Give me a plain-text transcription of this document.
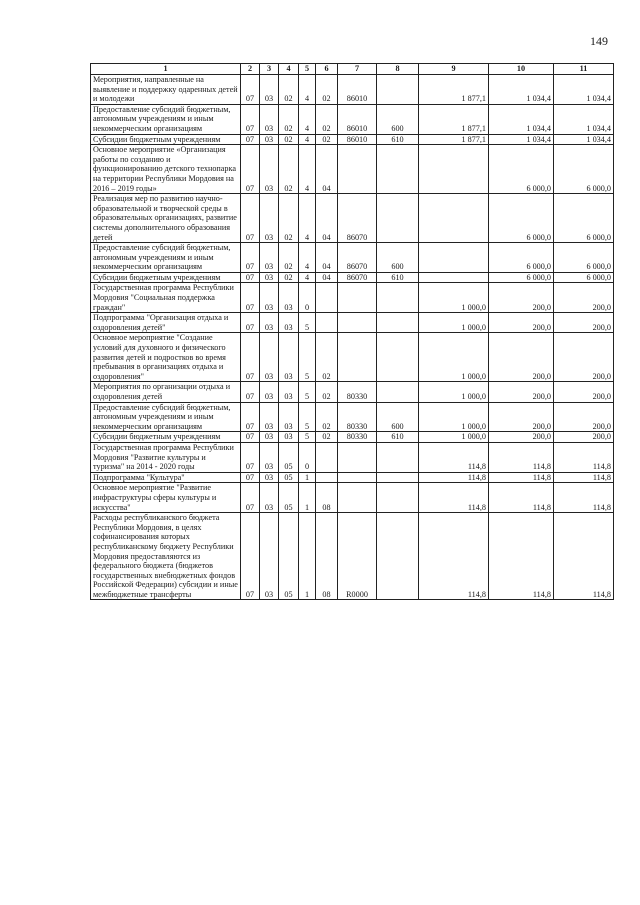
149
1	2	3	4	5	6	7	8	9	10	11
Мероприятия, направленные на выявление и поддержку одаренных детей и молодежи	07	03	02	4	02	86010		1 877,1	1 034,4	1 034,4
Предоставление субсидий бюджетным, автономным учреждениям и иным некоммерческим организациям	07	03	02	4	02	86010	600	1 877,1	1 034,4	1 034,4
Субсидии бюджетным учреждениям	07	03	02	4	02	86010	610	1 877,1	1 034,4	1 034,4
Основное мероприятие «Организация работы по созданию и функционированию детского технопарка на территории Республики Мордовия на 2016 – 2019 годы»	07	03	02	4	04				6 000,0	6 000,0
Реализация мер по развитию научно-образовательной и творческой среды в образовательных организациях, развитие системы дополнительного образования детей	07	03	02	4	04	86070			6 000,0	6 000,0
Предоставление субсидий бюджетным, автономным учреждениям и иным некоммерческим организациям	07	03	02	4	04	86070	600		6 000,0	6 000,0
Субсидии бюджетным учреждениям	07	03	02	4	04	86070	610		6 000,0	6 000,0
Государственная программа Республики Мордовия "Социальная поддержка граждан"	07	03	03	0				1 000,0	200,0	200,0
Подпрограмма "Организация отдыха и оздоровления детей"	07	03	03	5				1 000,0	200,0	200,0
Основное мероприятие "Создание условий для духовного и физического развития детей и подростков во время пребывания в организациях отдыха и оздоровления"	07	03	03	5	02			1 000,0	200,0	200,0
Мероприятия по организации отдыха и оздоровления детей	07	03	03	5	02	80330		1 000,0	200,0	200,0
Предоставление субсидий бюджетным, автономным учреждениям и иным некоммерческим организациям	07	03	03	5	02	80330	600	1 000,0	200,0	200,0
Субсидии бюджетным учреждениям	07	03	03	5	02	80330	610	1 000,0	200,0	200,0
Государственная программа Республики Мордовия "Развитие культуры и туризма" на 2014 - 2020 годы	07	03	05	0				114,8	114,8	114,8
Подпрограмма "Культура"	07	03	05	1				114,8	114,8	114,8
Основное мероприятие "Развитие инфраструктуры сферы культуры и искусства"	07	03	05	1	08			114,8	114,8	114,8
Расходы республиканского бюджета Республики Мордовия, в целях софинансирования которых республиканскому бюджету Республики Мордовия предоставляются из федерального бюджета (бюджетов государственных внебюджетных фондов Российской Федерации) субсидии и иные межбюджетные трансферты	07	03	05	1	08	R0000		114,8	114,8	114,8
